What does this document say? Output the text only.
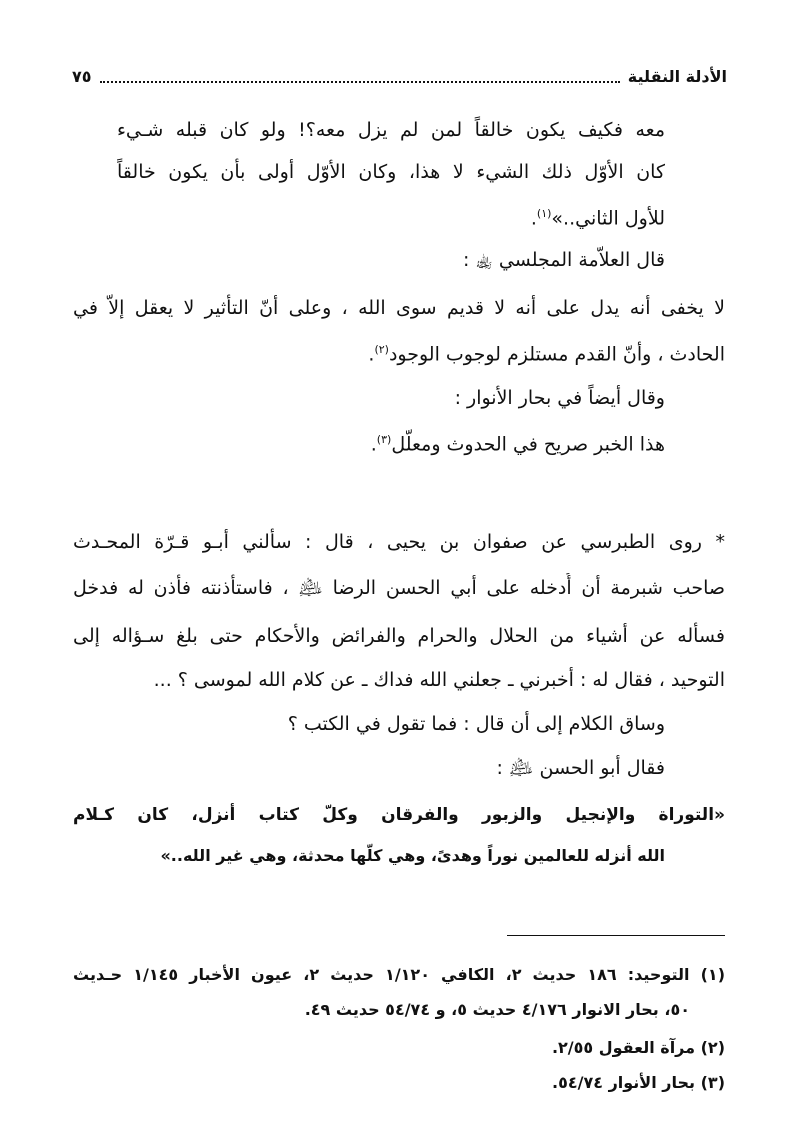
الأدلة النقلية
٧٥
معه فكيف يكون خالقاً لمن لم يزل معه؟! ولو كان قبله شـيء
كان الأوّل ذلك الشيء لا هذا، وكان الأوّل أولى بأن يكون خالقاً
للأول الثاني..»$^{(١)}$.
قال العلاّمة المجلسي ﵀ :
لا يخفى أنه يدل على أنه لا قديم سوى الله ، وعلى أنّ التأثير لا يعقل إلاّ في
الحادث ، وأنّ القدم مستلزم لوجوب الوجود$^{(٢)}$.
وقال أيضاً في بحار الأنوار :
هذا الخبر صريح في الحدوث ومعلّل$^{(٣)}$.
* روى الطبرسي عن صفوان بن يحيى ، قال : سألني أبـو قـرّة المحـدث
صاحب شبرمة أن أُدخله على أبي الحسن الرضا ﵇ ، فاستأذنته فأذن له فدخل
فسأله عن أشياء من الحلال والحرام والفرائض والأحكام حتى بلغ سـؤاله إلى
التوحيد ، فقال له : أخبرني ـ جعلني الله فداك ـ عن كلام الله لموسى ؟ ...
وساق الكلام إلى أن قال : فما تقول في الكتب ؟
فقال أبو الحسن ﵇ :
«التوراة والإنجيل والزبور والفرقان وكلّ كتاب أنزل، كان كـلام
الله أنزله للعالمين نوراً وهدىً، وهي كلّها محدثة، وهي غير الله..»
(١) التوحيد: ١٨٦ حديث ٢، الكافي ١/١٢٠ حديث ٢، عيون الأخبار ١/١٤٥ حـديث
٥٠، بحار الانوار ٤/١٧٦ حديث ٥، و ٥٤/٧٤ حديث ٤٩.
(٢) مرآة العقول ٢/٥٥.
(٣) بحار الأنوار ٥٤/٧٤.
